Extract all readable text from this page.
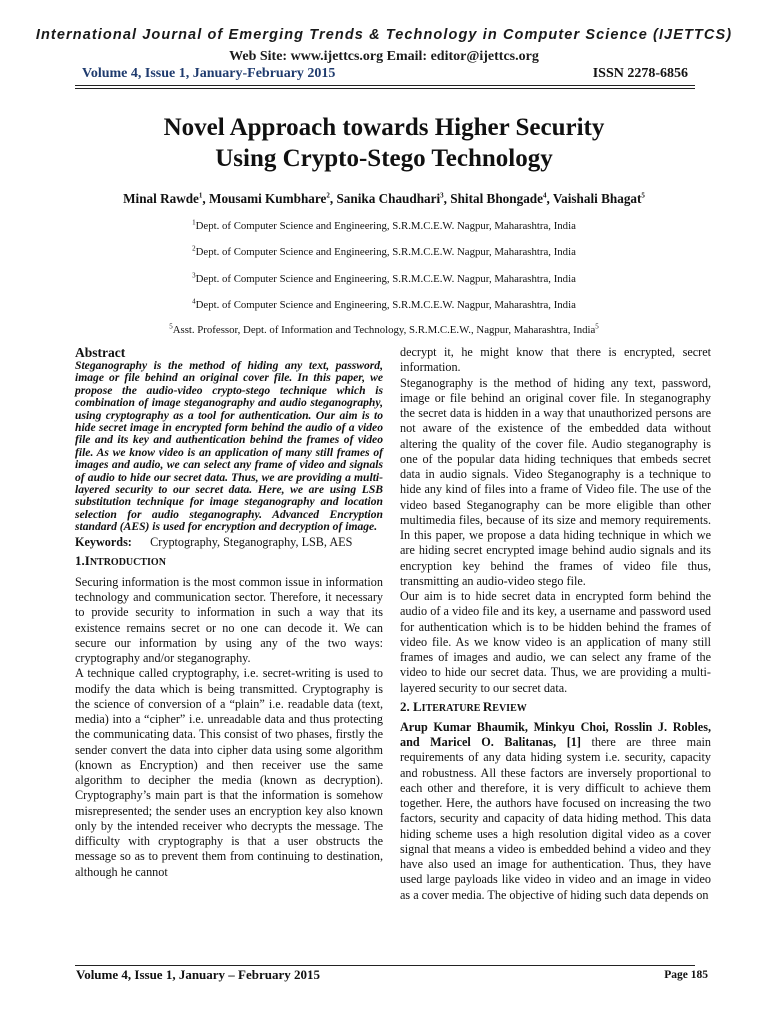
International Journal of Emerging Trends & Technology in Computer Science (IJETTCS)
Web Site: www.ijettcs.org Email: editor@ijettcs.org
Volume 4, Issue 1, January-February 2015	ISSN 2278-6856
Novel Approach towards Higher Security
Using Crypto-Stego Technology
Minal Rawde$^1$, Mousami Kumbhare$^2$, Sanika Chaudhari$^3$, Shital Bhongade$^4$, Vaishali Bhagat$^5$
$^1$Dept. of Computer Science and Engineering, S.R.M.C.E.W. Nagpur, Maharashtra, India
$^2$Dept. of Computer Science and Engineering, S.R.M.C.E.W. Nagpur, Maharashtra, India
$^3$Dept. of Computer Science and Engineering, S.R.M.C.E.W. Nagpur, Maharashtra, India
$^4$Dept. of Computer Science and Engineering, S.R.M.C.E.W. Nagpur, Maharashtra, India
$^5$Asst. Professor, Dept. of Information and Technology, S.R.M.C.E.W., Nagpur, Maharashtra, India$^5$

Abstract

Steganography is the method of hiding any text, password, image or file behind an original cover file. In this paper, we propose the audio-video crypto-stego technique which is combination of image steganography and audio steganography, using cryptography as a tool for authentication. Our aim is to hide secret image in encrypted form behind the audio of a video file and its key and authentication behind the frames of video file. As we know video is an application of many still frames of images and audio, we can select any frame of video and signals of audio to hide our secret data. Thus, we are providing a multi-layered security to our secret data. Here, we are using LSB substitution technique for image steganography and location selection for audio steganography. Advanced Encryption standard (AES) is used for encryption and decryption of image.

Keywords: Cryptography, Steganography, LSB, AES

1.INTRODUCTION

Securing information is the most common issue in information technology and communication sector. Therefore, it necessary to provide security to information in such a way that its existence remains secret or no one can decode it. We can secure our information by using any of the two ways: cryptography and/or steganography.

A technique called cryptography, i.e. secret-writing is used to modify the data which is being transmitted. Cryptography is the science of conversion of a “plain” i.e. readable data (text, media) into a “cipher” i.e. unreadable data and thus protecting the communicating data. This consist of two phases, firstly the sender convert the data into cipher data using some algorithm (known as Encryption) and then receiver use the same algorithm to decipher the media (known as decryption). Cryptography’s main part is that the information is somehow misrepresented; the sender uses an encryption key also known only by the intended receiver who decrypts the message. The difficulty with cryptography is that a user obstructs the message so as to prevent them from continuing to destination, although he cannot

decrypt it, he might know that there is encrypted, secret information.

Steganography is the method of hiding any text, password, image or file behind an original cover file. In steganography the secret data is hidden in a way that unauthorized persons are not aware of the existence of the embedded data without altering the quality of the cover file. Audio steganography is one of the popular data hiding techniques that embeds secret data in audio signals. Video Steganography is a technique to hide any kind of files into a frame of Video file. The use of the video based Steganography can be more eligible than other multimedia files, because of its size and memory requirements. In this paper, we propose a data hiding technique in which we are hiding secret encrypted image behind audio signals and its encryption key behind the frames of video file thus, transmitting an audio-video stego file.

Our aim is to hide secret data in encrypted form behind the audio of a video file and its key, a username and password used for authentication which is to be hidden behind the frames of video file. As we know video is an application of many still frames of images and audio, we can select any frame of the video to hide our secret data. Thus, we are providing a multi-layered security to our secret data.

2. LITERATURE REVIEW

Arup Kumar Bhaumik, Minkyu Choi, Rosslin J. Robles, and Maricel O. Balitanas, [1] there are three main requirements of any data hiding system i.e. security, capacity and robustness. All these factors are inversely proportional to each other and therefore, it is very difficult to achieve them together. Here, the authors have focused on increasing the two factors, security and capacity of data hiding method. This data hiding scheme uses a high resolution digital video as a cover signal that means a video is embedded behind a video and they have also used an image for authentication. Thus, they have used large payloads like video in video and an image in video as a cover media. The objective of hiding such data depends on

Volume 4, Issue 1, January – February 2015	Page 185
